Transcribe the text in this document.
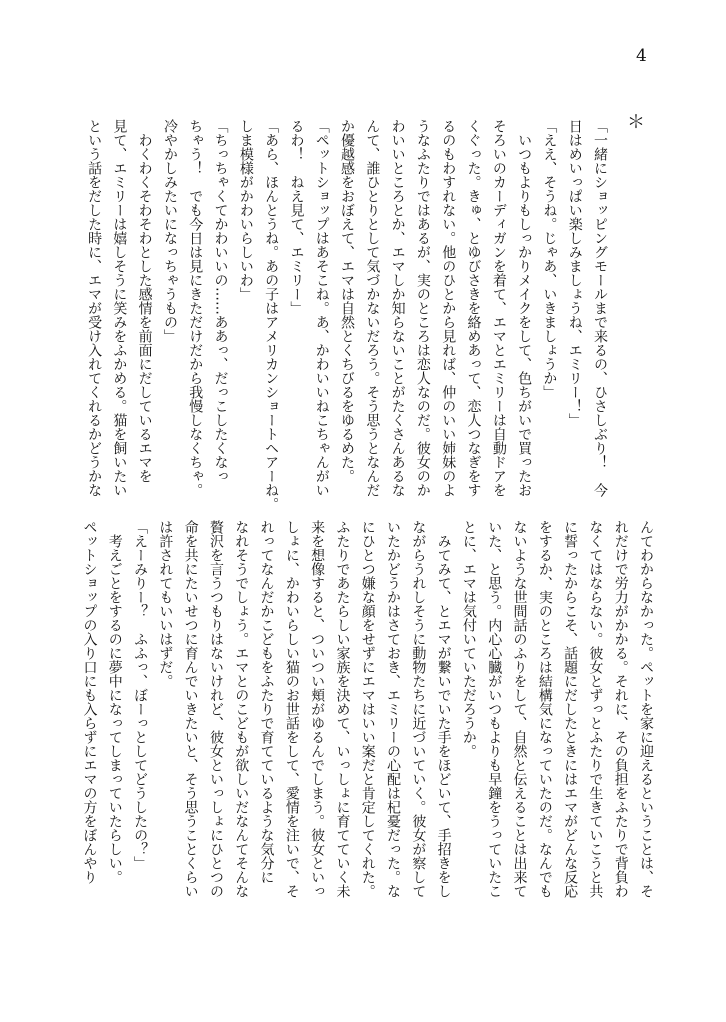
4
＊
「一緒にショッピングモールまで来るの、ひさしぶり！　今
日はめいっぱい楽しみましょうね、エミリー！」
「ええ、そうね。じゃあ、いきましょうか」
　いつもよりもしっかりメイクをして、色ちがいで買ったお
そろいのカーディガンを着て、エマとエミリーは自動ドアを
くぐった。きゅ、とゆびさきを絡めあって、恋人つなぎをす
るのもわすれない。他のひとから見れば、仲のいい姉妹のよ
うなふたりではあるが、実のところは恋人なのだ。彼女のか
わいいところとか、エマしか知らないことがたくさんあるな
んて、誰ひとりとして気づかないだろう。そう思うとなんだ
か優越感をおぼえて、エマは自然とくちびるをゆるめた。
「ペットショップはあそこね。あ、かわいいねこちゃんがい
るわ！　ねえ見て、エミリー」
「あら、ほんとうね。あの子はアメリカンショートヘアーね。
しま模様がかわいらしいわ」
「ちっちゃくてかわいいの……ああっ、だっこしたくなっ
ちゃう！　でも今日は見にきただけだから我慢しなくちゃ。
冷やかしみたいになっちゃうもの」
　わくわくそわそわとした感情を前面にだしているエマを
見て、エミリーは嬉しそうに笑みをふかめる。猫を飼いたい
という話をだした時に、エマが受け入れてくれるかどうかな
んてわからなかった。ペットを家に迎えるということは、そ
れだけで労力がかかる。それに、その負担をふたりで背負わ
なくてはならない。彼女とずっとふたりで生きていこうと共
に誓ったからこそ、話題にだしたときにはエマがどんな反応
をするか、実のところは結構気になっていたのだ。なんでも
ないような世間話のふりをして、自然と伝えることは出来て
いた、と思う。内心心臓がいつもよりも早鐘をうっていたこ
とに、エマは気付いていただろうか。
　みてみて、とエマが繋いでいた手をほどいて、手招きをし
ながらうれしそうに動物たちに近づいていく。彼女が察して
いたかどうかはさておき、エミリーの心配は杞憂だった。な
にひとつ嫌な顔をせずにエマはいい案だと肯定してくれた。
ふたりであたらしい家族を決めて、いっしょに育てていく未
来を想像すると、ついつい頬がゆるんでしまう。彼女といっ
しょに、かわいらしい猫のお世話をして、愛情を注いで、そ
れってなんだかこどもをふたりで育てているような気分に
なれそうでしょう。エマとのこどもが欲しいだなんてそんな
贅沢を言うつもりはないけれど、彼女といっしょにひとつの
命を共にたいせつに育んでいきたいと、そう思うことくらい
は許されてもいいはずだ。
「えーみりー？　ふふっ、ぼーっとしてどうしたの？」
　考えごとをするのに夢中になってしまっていたらしい。
ペットショップの入り口にも入らずにエマの方をぼんやり
